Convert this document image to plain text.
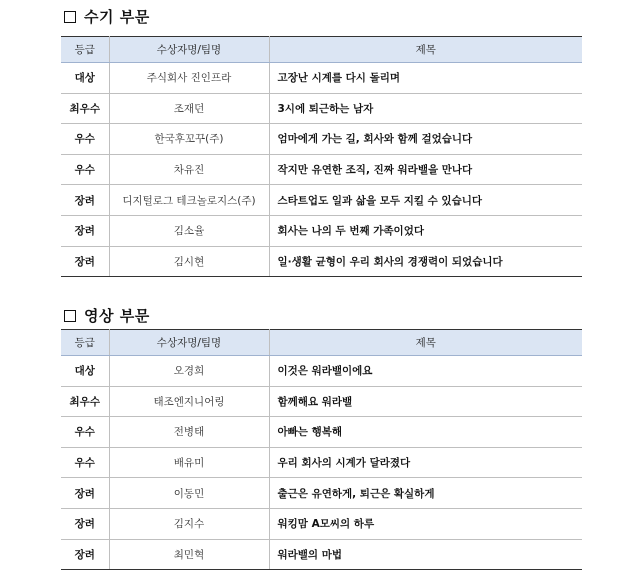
수기 부문
등급	수상자명/팀명	제목
대상	주식회사 진인프라	고장난 시계를 다시 돌리며
최우수	조재던	3시에 퇴근하는 남자
우수	한국후꼬꾸(주)	엄마에게 가는 길, 회사와 함께 걸었습니다
우수	차유진	작지만 유연한 조직, 진짜 워라밸을 만나다
장려	디지털로그 테크놀로지스(주)	스타트업도 일과 삶을 모두 지킬 수 있습니다
장려	김소율	회사는 나의 두 번째 가족이었다
장려	김시현	일·생활 균형이 우리 회사의 경쟁력이 되었습니다
영상 부문
등급	수상자명/팀명	제목
대상	오경희	이것은 워라밸이에요
최우수	태조엔지니어링	함께해요 워라밸
우수	전병태	아빠는 행복해
우수	배유미	우리 회사의 시계가 달라졌다
장려	이동민	출근은 유연하게, 퇴근은 확실하게
장려	김지수	워킹맘 A모씨의 하루
장려	최민혁	워라밸의 마법
